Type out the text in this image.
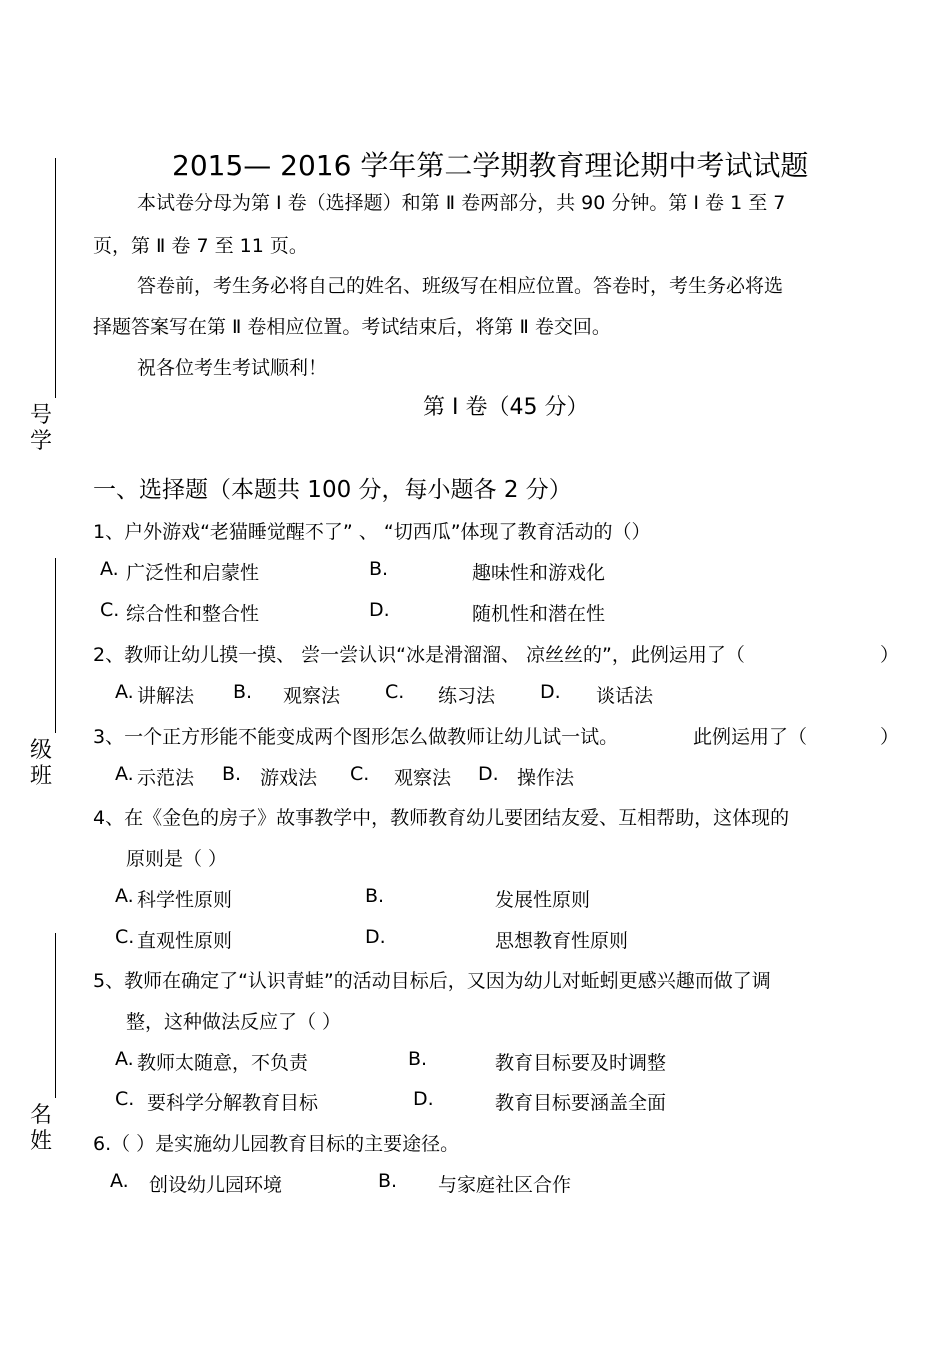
号
学
级
班
名
姓
2015— 2016 学年第二学期教育理论期中考试试题
本试卷分母为第 Ⅰ 卷（选择题）和第 Ⅱ 卷两部分，共 90 分钟。第 Ⅰ 卷 1 至 7
页，第 Ⅱ 卷 7 至 11 页。
答卷前，考生务必将自己的姓名、班级写在相应位置。答卷时，考生务必将选
择题答案写在第 Ⅱ 卷相应位置。考试结束后，将第 Ⅱ 卷交回。
祝各位考生考试顺利！
第 Ⅰ 卷（45 分）
一、选择题（本题共 100 分，每小题各 2 分）
1、户外游戏“老猫睡觉醒不了” 、 “切西瓜”体现了教育活动的（）
A. 广泛性和启蒙性	B.	趣味性和游戏化
C. 综合性和整合性	D.	随机性和潜在性
2、教师让幼儿摸一摸、 尝一尝认识“冰是滑溜溜、 凉丝丝的”，此例运用了（	）
A. 讲解法 B. 观察法 C. 练习法 D. 谈话法
3、一个正方形能不能变成两个图形怎么做教师让幼儿试一试。	此例运用了（	）
A. 示范法 B. 游戏法 C. 观察法 D. 操作法
4、在《金色的房子》故事教学中，教师教育幼儿要团结友爱、互相帮助，这体现的
原则是（ ）
A. 科学性原则	B.	发展性原则
C. 直观性原则	D.	思想教育性原则
5、教师在确定了“认识青蛙”的活动目标后，又因为幼儿对蚯蚓更感兴趣而做了调
整，这种做法反应了（ ）
A. 教师太随意，不负责	B.	教育目标要及时调整
C. 要科学分解教育目标	D.	教育目标要涵盖全面
6.（ ）是实施幼儿园教育目标的主要途径。
A. 创设幼儿园环境	B. 与家庭社区合作
